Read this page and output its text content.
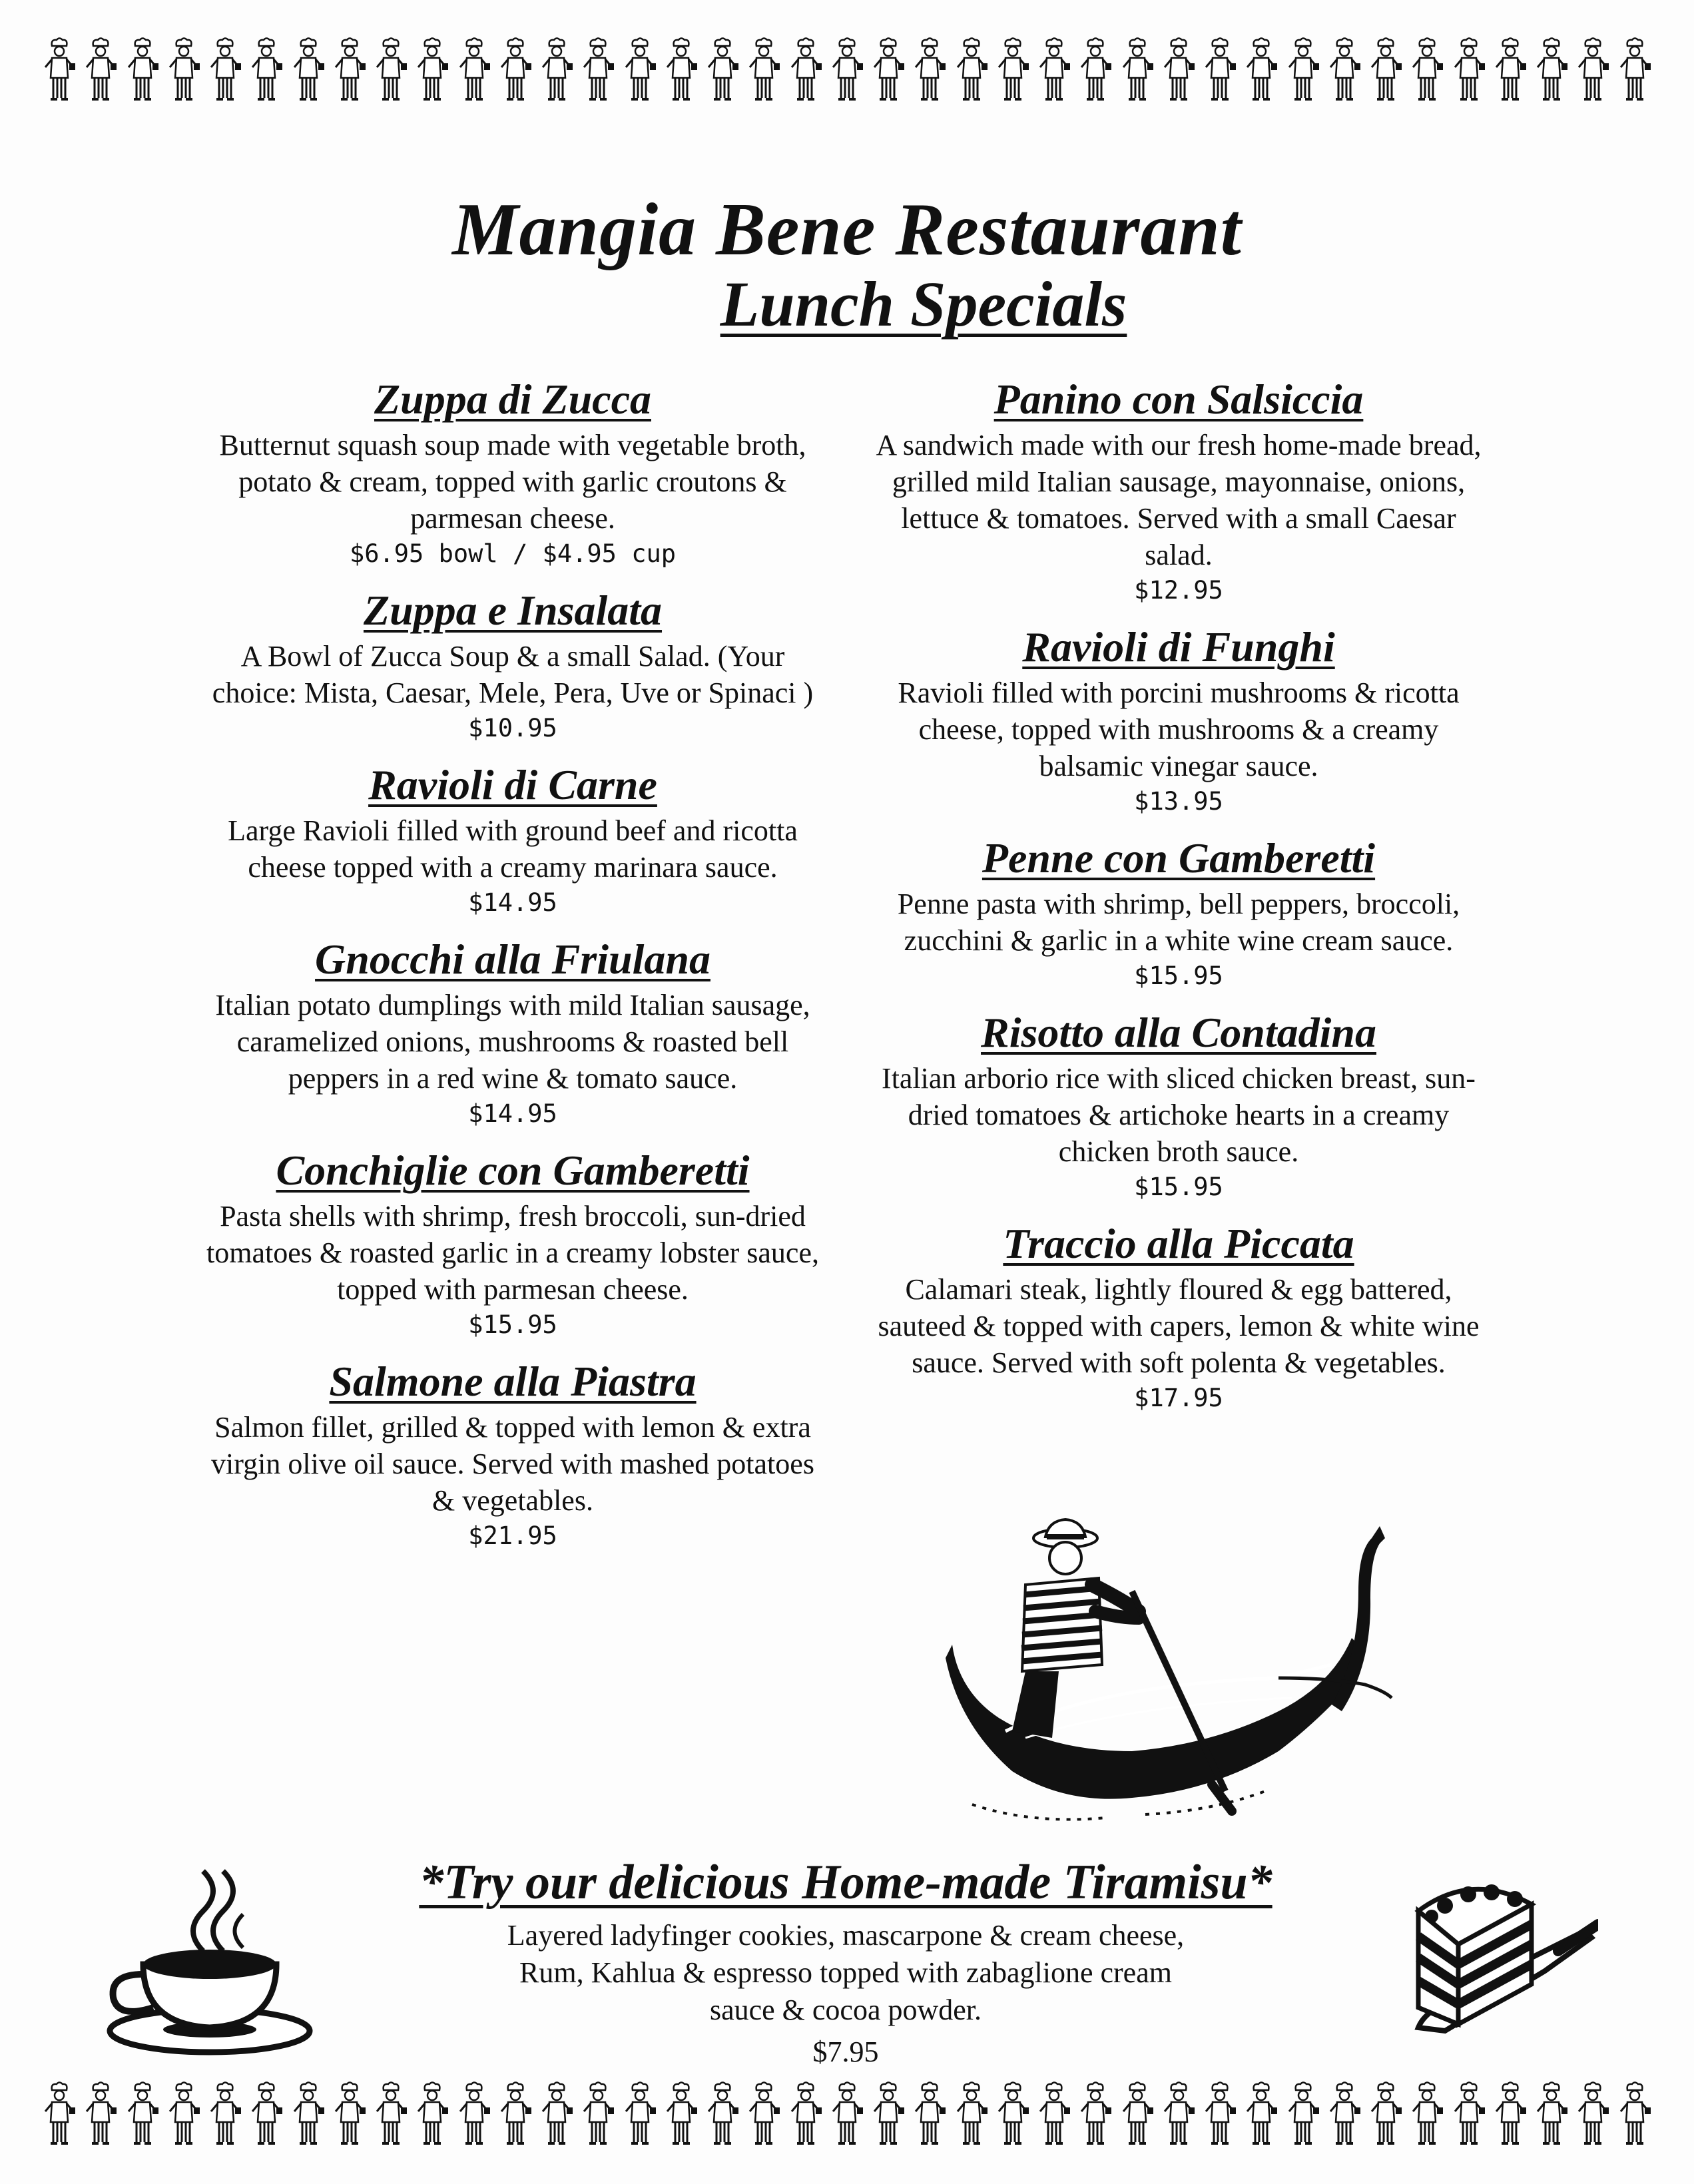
Mangia Bene Restaurant
Lunch Specials

Zuppa di Zucca

Butternut squash soup made with vegetable broth, potato & cream, topped with garlic croutons & parmesan cheese.

$6.95 bowl / $4.95 cup

Zuppa e Insalata

A Bowl of Zucca Soup & a small Salad. (Your choice: Mista, Caesar, Mele, Pera, Uve or Spinaci )

$10.95

Ravioli di Carne

Large Ravioli filled with ground beef and ricotta cheese topped with a creamy marinara sauce.

$14.95

Gnocchi alla Friulana

Italian potato dumplings with mild Italian sausage, caramelized onions, mushrooms & roasted bell peppers in a red wine & tomato sauce.

$14.95

Conchiglie con Gamberetti

Pasta shells with shrimp, fresh broccoli, sun-dried tomatoes & roasted garlic in a creamy lobster sauce, topped with parmesan cheese.

$15.95

Salmone alla Piastra

Salmon fillet, grilled & topped with lemon & extra virgin olive oil sauce. Served with mashed potatoes & vegetables.

$21.95

Panino con Salsiccia

A sandwich made with our fresh home-made bread, grilled mild Italian sausage, mayonnaise, onions, lettuce & tomatoes. Served with a small Caesar salad.

$12.95

Ravioli di Funghi

Ravioli filled with porcini mushrooms & ricotta cheese, topped with mushrooms & a creamy balsamic vinegar sauce.

$13.95

Penne con Gamberetti

Penne pasta with shrimp, bell peppers, broccoli, zucchini & garlic in a white wine cream sauce.

$15.95

Risotto alla Contadina

Italian arborio rice with sliced chicken breast, sun-dried tomatoes & artichoke hearts in a creamy chicken broth sauce.

$15.95

Traccio alla Piccata

Calamari steak, lightly floured & egg battered, sauteed & topped with capers, lemon & white wine sauce. Served with soft polenta & vegetables.

$17.95

*Try our delicious Home-made Tiramisu*

Layered ladyfinger cookies, mascarpone & cream cheese,

Rum, Kahlua & espresso topped with zabaglione cream

sauce & cocoa powder.

$7.95
